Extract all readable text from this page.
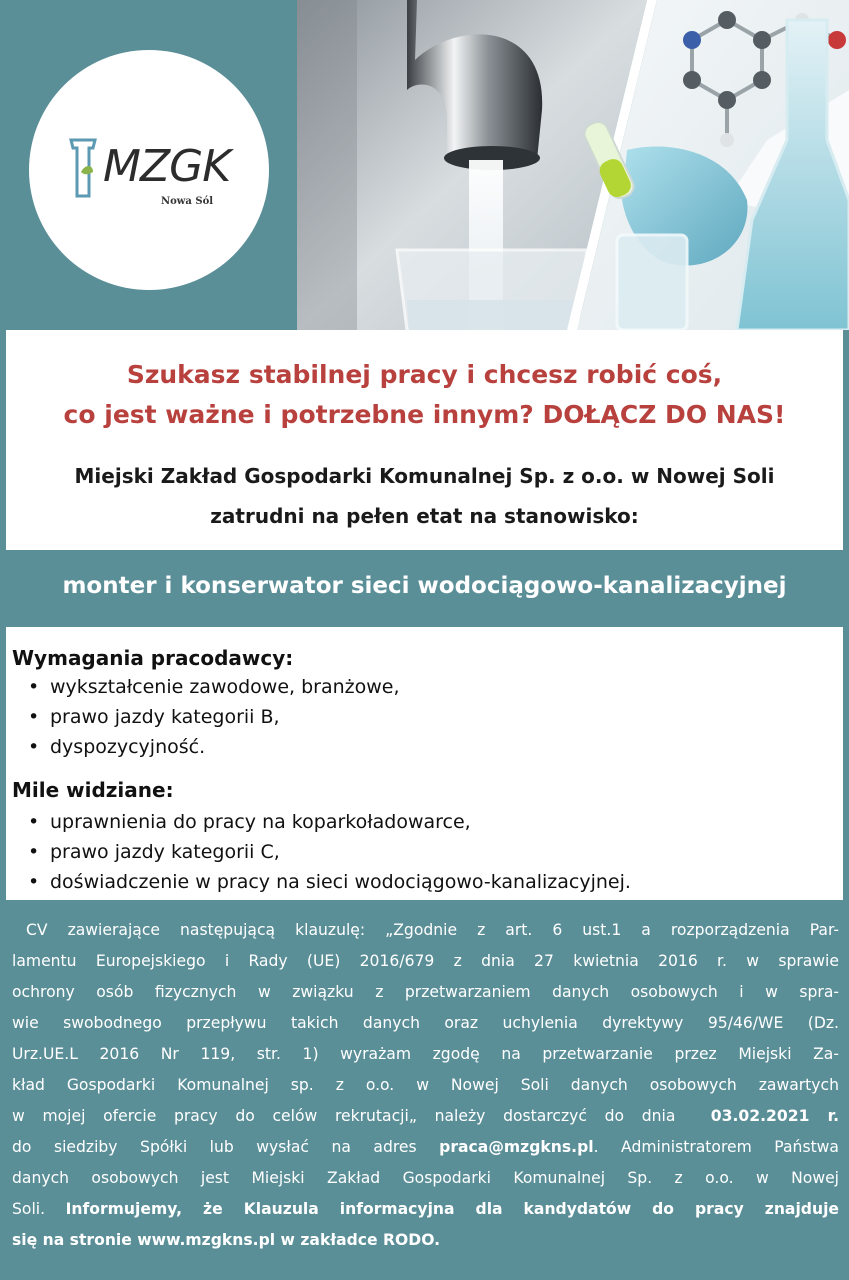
MZGK
Nowa Sól
Szukasz stabilnej pracy i chcesz robić coś,
co jest ważne i potrzebne innym? DOŁĄCZ DO NAS!
Miejski Zakład Gospodarki Komunalnej Sp. z o.o. w Nowej Soli
zatrudni na pełen etat na stanowisko:
monter i konserwator sieci wodociągowo-kanalizacyjnej
Wymagania pracodawcy:
• wykształcenie zawodowe, branżowe,
• prawo jazdy kategorii B,
• dyspozycyjność.
Mile widziane:
• uprawnienia do pracy na koparkoładowarce,
• prawo jazdy kategorii C,
• doświadczenie w pracy na sieci wodociągowo-kanalizacyjnej.
CV zawierające następującą klauzulę: „Zgodnie z art. 6 ust.1 a rozporządzenia Par-
lamentu Europejskiego i Rady (UE) 2016/679 z dnia 27 kwietnia 2016 r. w sprawie
ochrony osób fizycznych w związku z przetwarzaniem danych osobowych i w spra-
wie swobodnego przepływu takich danych oraz uchylenia dyrektywy 95/46/WE (Dz.
Urz.UE.L 2016 Nr 119, str. 1) wyrażam zgodę na przetwarzanie przez Miejski Za-
kład Gospodarki Komunalnej sp. z o.o. w Nowej Soli danych osobowych zawartych
w mojej ofercie pracy do celów rekrutacji„ należy dostarczyć do dnia 03.02.2021 r.
do siedziby Spółki lub wysłać na adres praca@mzgkns.pl. Administratorem Państwa
danych osobowych jest Miejski Zakład Gospodarki Komunalnej Sp. z o.o. w Nowej
Soli. Informujemy, że Klauzula informacyjna dla kandydatów do pracy znajduje
się na stronie www.mzgkns.pl w zakładce RODO.
